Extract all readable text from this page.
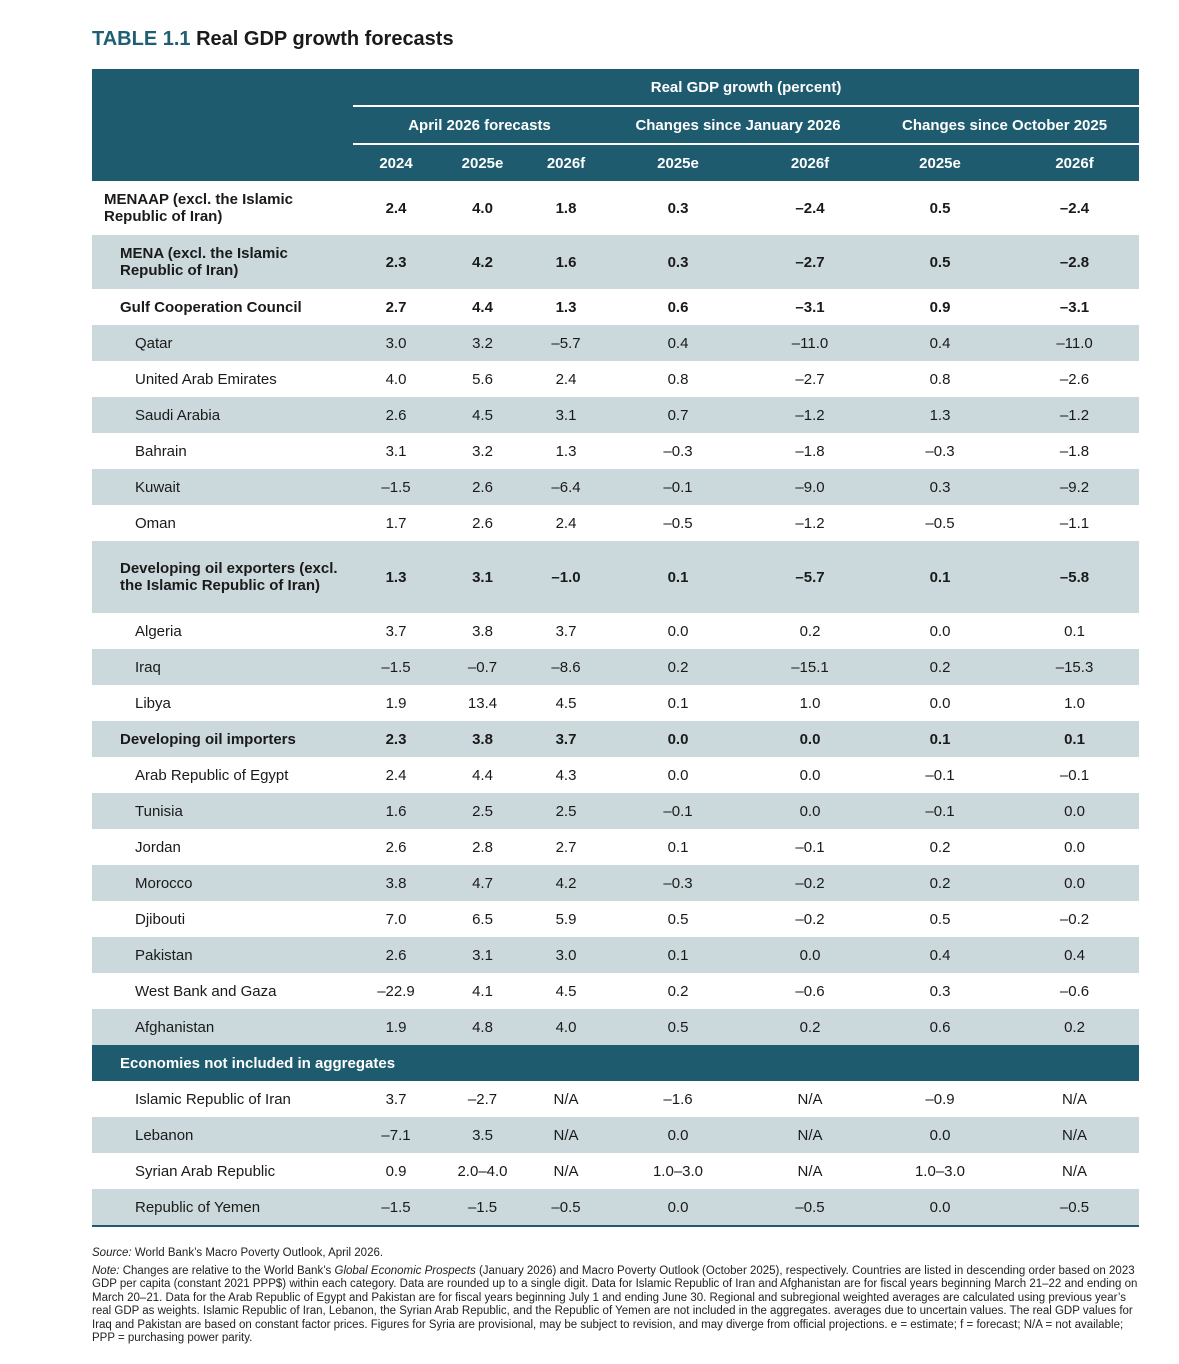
TABLE 1.1 Real GDP growth forecasts
	Real GDP growth (percent)						
	April 2026 forecasts			Changes since January 2026		Changes since October 2025	
	2024	2025e	2026f	2025e	2026f	2025e	2026f
MENAAP (excl. the Islamic Republic of Iran)	2.4	4.0	1.8	0.3	–2.4	0.5	–2.4
MENA (excl. the Islamic Republic of Iran)	2.3	4.2	1.6	0.3	–2.7	0.5	–2.8
Gulf Cooperation Council	2.7	4.4	1.3	0.6	–3.1	0.9	–3.1
Qatar	3.0	3.2	–5.7	0.4	–11.0	0.4	–11.0
United Arab Emirates	4.0	5.6	2.4	0.8	–2.7	0.8	–2.6
Saudi Arabia	2.6	4.5	3.1	0.7	–1.2	1.3	–1.2
Bahrain	3.1	3.2	1.3	–0.3	–1.8	–0.3	–1.8
Kuwait	–1.5	2.6	–6.4	–0.1	–9.0	0.3	–9.2
Oman	1.7	2.6	2.4	–0.5	–1.2	–0.5	–1.1
Developing oil exporters (excl. the Islamic Republic of Iran)	1.3	3.1	–1.0	0.1	–5.7	0.1	–5.8
Algeria	3.7	3.8	3.7	0.0	0.2	0.0	0.1
Iraq	–1.5	–0.7	–8.6	0.2	–15.1	0.2	–15.3
Libya	1.9	13.4	4.5	0.1	1.0	0.0	1.0
Developing oil importers	2.3	3.8	3.7	0.0	0.0	0.1	0.1
Arab Republic of Egypt	2.4	4.4	4.3	0.0	0.0	–0.1	–0.1
Tunisia	1.6	2.5	2.5	–0.1	0.0	–0.1	0.0
Jordan	2.6	2.8	2.7	0.1	–0.1	0.2	0.0
Morocco	3.8	4.7	4.2	–0.3	–0.2	0.2	0.0
Djibouti	7.0	6.5	5.9	0.5	–0.2	0.5	–0.2
Pakistan	2.6	3.1	3.0	0.1	0.0	0.4	0.4
West Bank and Gaza	–22.9	4.1	4.5	0.2	–0.6	0.3	–0.6
Afghanistan	1.9	4.8	4.0	0.5	0.2	0.6	0.2
Economies not included in aggregates							
Islamic Republic of Iran	3.7	–2.7	N/A	–1.6	N/A	–0.9	N/A
Lebanon	–7.1	3.5	N/A	0.0	N/A	0.0	N/A
Syrian Arab Republic	0.9	2.0–4.0	N/A	1.0–3.0	N/A	1.0–3.0	N/A
Republic of Yemen	–1.5	–1.5	–0.5	0.0	–0.5	0.0	–0.5

Source: World Bank’s Macro Poverty Outlook, April 2026.

Note: Changes are relative to the World Bank’s Global Economic Prospects (January 2026) and Macro Poverty Outlook (October 2025), respectively. Countries are listed in descending order based on 2023 GDP per capita (constant 2021 PPP$) within each category. Data are rounded up to a single digit. Data for Islamic Republic of Iran and Afghanistan are for fiscal years beginning March 21–22 and ending on March 20–21. Data for the Arab Republic of Egypt and Pakistan are for fiscal years beginning July 1 and ending June 30. Regional and subregional weighted averages are calculated using previous year’s real GDP as weights. Islamic Republic of Iran, Lebanon, the Syrian Arab Republic, and the Republic of Yemen are not included in the aggregates. averages due to uncertain values. The real GDP values for Iraq and Pakistan are based on constant factor prices. Figures for Syria are provisional, may be subject to revision, and may diverge from official projections. e = estimate; f = forecast; N/A = not available; PPP = purchasing power parity.
